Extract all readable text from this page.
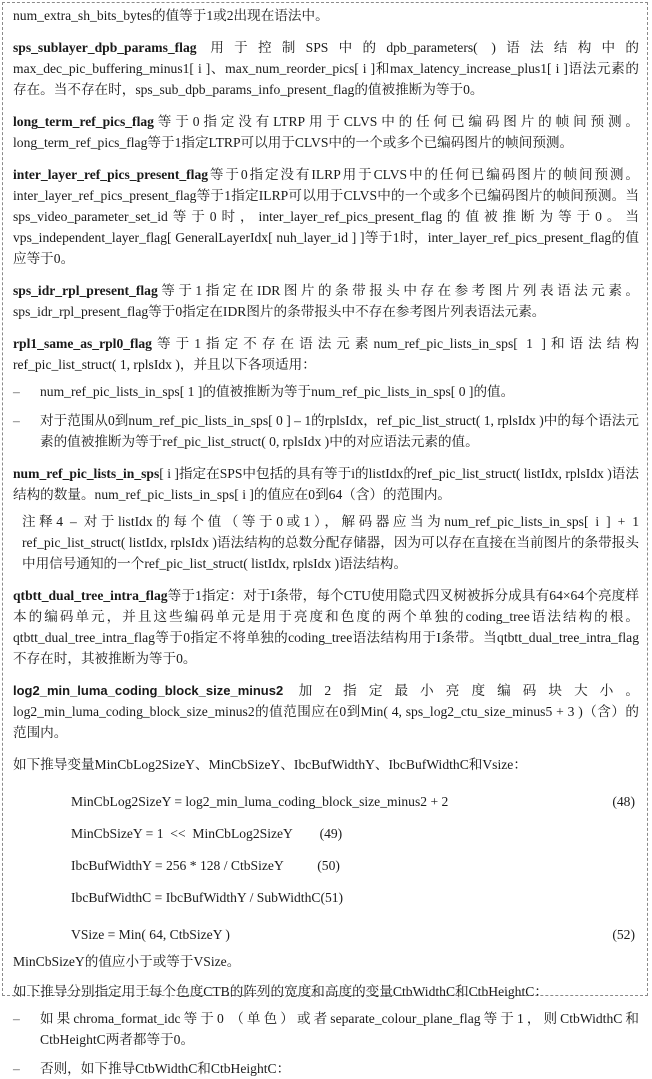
num_extra_sh_bits_bytes的值等于1或2出现在语法中。

sps_sublayer_dpb_params_flag 用于控制SPS中的dpb_parameters( )语法结构中的max_dec_pic_buffering_minus1[ i ]、max_num_reorder_pics[ i ]和max_latency_increase_plus1[ i ]语法元素的存在。当不存在时，sps_sub_dpb_params_info_present_flag的值被推断为等于0。

long_term_ref_pics_flag等于0指定没有LTRP用于CLVS中的任何已编码图片的帧间预测。long_term_ref_pics_flag等于1指定LTRP可以用于CLVS中的一个或多个已编码图片的帧间预测。

inter_layer_ref_pics_present_flag等于0指定没有ILRP用于CLVS中的任何已编码图片的帧间预测。inter_layer_ref_pics_present_flag等于1指定ILRP可以用于CLVS中的一个或多个已编码图片的帧间预测。当sps_video_parameter_set_id等于0时，inter_layer_ref_pics_present_flag的值被推断为等于0。当vps_independent_layer_flag[ GeneralLayerIdx[ nuh_layer_id ] ]等于1时，inter_layer_ref_pics_present_flag的值应等于0。

sps_idr_rpl_present_flag等于1指定在IDR图片的条带报头中存在参考图片列表语法元素。sps_idr_rpl_present_flag等于0指定在IDR图片的条带报头中不存在参考图片列表语法元素。

rpl1_same_as_rpl0_flag等于1指定不存在语法元素num_ref_pic_lists_in_sps[ 1 ]和语法结构ref_pic_list_struct( 1, rplsIdx )，并且以下各项适用：

– num_ref_pic_lists_in_sps[ 1 ]的值被推断为等于num_ref_pic_lists_in_sps[ 0 ]的值。
– 对于范围从0到num_ref_pic_lists_in_sps[ 0 ] – 1的rplsIdx，ref_pic_list_struct( 1, rplsIdx )中的每个语法元素的值被推断为等于ref_pic_list_struct( 0, rplsIdx )中的对应语法元素的值。

num_ref_pic_lists_in_sps[ i ]指定在SPS中包括的具有等于i的listIdx的ref_pic_list_struct( listIdx, rplsIdx )语法结构的数量。num_ref_pic_lists_in_sps[ i ]的值应在0到64（含）的范围内。

注释4 – 对于listIdx的每个值（等于0或1），解码器应当为num_ref_pic_lists_in_sps[ i ] + 1 ref_pic_list_struct( listIdx, rplsIdx )语法结构的总数分配存储器，因为可以存在直接在当前图片的条带报头中用信号通知的一个ref_pic_list_struct( listIdx, rplsIdx )语法结构。

qtbtt_dual_tree_intra_flag等于1指定：对于I条带，每个CTU使用隐式四叉树被拆分成具有64×64个亮度样本的编码单元，并且这些编码单元是用于亮度和色度的两个单独的coding_tree语法结构的根。qtbtt_dual_tree_intra_flag等于0指定不将单独的coding_tree语法结构用于I条带。当qtbtt_dual_tree_intra_flag不存在时，其被推断为等于0。

log2_min_luma_coding_block_size_minus2 加2指定最小亮度编码块大小。log2_min_luma_coding_block_size_minus2的值范围应在0到Min( 4, sps_log2_ctu_size_minus5 + 3 )（含）的范围内。

如下推导变量MinCbLog2SizeY、MinCbSizeY、IbcBufWidthY、IbcBufWidthC和Vsize：

MinCbLog2SizeY = log2_min_luma_coding_block_size_minus2 + 2	(48)
MinCbSizeY = 1  <<  MinCbLog2SizeY        (49)
IbcBufWidthY = 256 * 128 / CtbSizeY          (50)
IbcBufWidthC = IbcBufWidthY / SubWidthC(51)
VSize = Min( 64, CtbSizeY )	(52)

MinCbSizeY的值应小于或等于VSize。

如下推导分别指定用于每个色度CTB的阵列的宽度和高度的变量CtbWidthC和CtbHeightC：

– 如果chroma_format_idc等于0 （单色）或者separate_colour_plane_flag等于1，则CtbWidthC和CtbHeightC两者都等于0。
– 否则，如下推导CtbWidthC和CtbHeightC：
